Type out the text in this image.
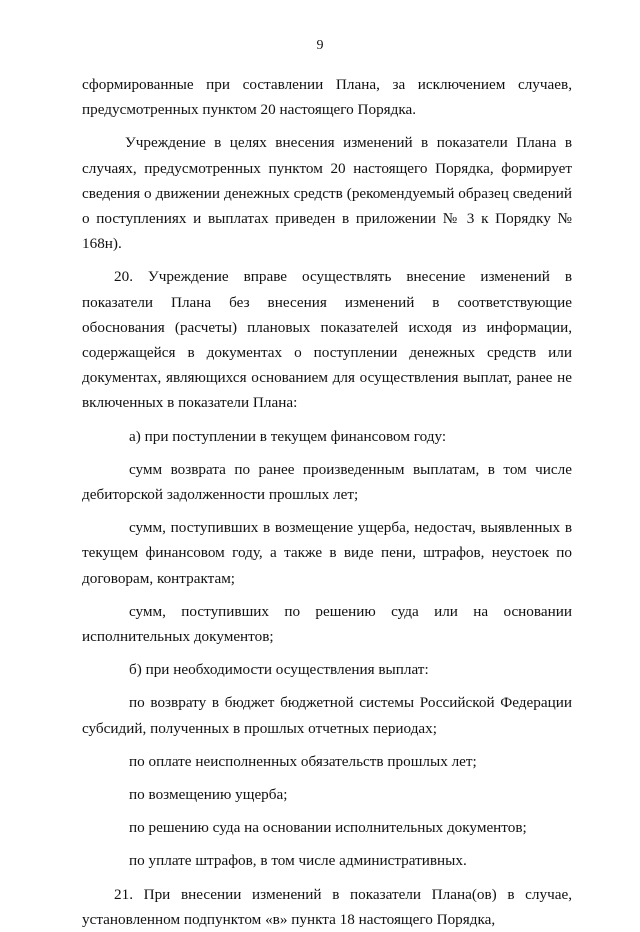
9

сформированные при составлении Плана, за исключением случаев, предусмотренных пунктом 20 настоящего Порядка.

Учреждение в целях внесения изменений в показатели Плана в случаях, предусмотренных пунктом 20 настоящего Порядка, формирует сведения о движении денежных средств (рекомендуемый образец сведений о поступлениях и выплатах приведен в приложении № 3 к Порядку № 168н).

20. Учреждение вправе осуществлять внесение изменений в показатели Плана без внесения изменений в соответствующие обоснования (расчеты) плановых показателей исходя из информации, содержащейся в документах о поступлении денежных средств или документах, являющихся основанием для осуществления выплат, ранее не включенных в показатели Плана:

а) при поступлении в текущем финансовом году:

сумм возврата по ранее произведенным выплатам, в том числе дебиторской задолженности прошлых лет;

сумм, поступивших в возмещение ущерба, недостач, выявленных в текущем финансовом году, а также в виде пени, штрафов, неустоек по договорам, контрактам;

сумм, поступивших по решению суда или на основании исполнительных документов;

б) при необходимости осуществления выплат:

по возврату в бюджет бюджетной системы Российской Федерации субсидий, полученных в прошлых отчетных периодах;

по оплате неисполненных обязательств прошлых лет;

по возмещению ущерба;

по решению суда на основании исполнительных документов;

по уплате штрафов, в том числе административных.

21. При внесении изменений в показатели Плана(ов) в случае, установленном подпунктом «в» пункта 18 настоящего Порядка,
